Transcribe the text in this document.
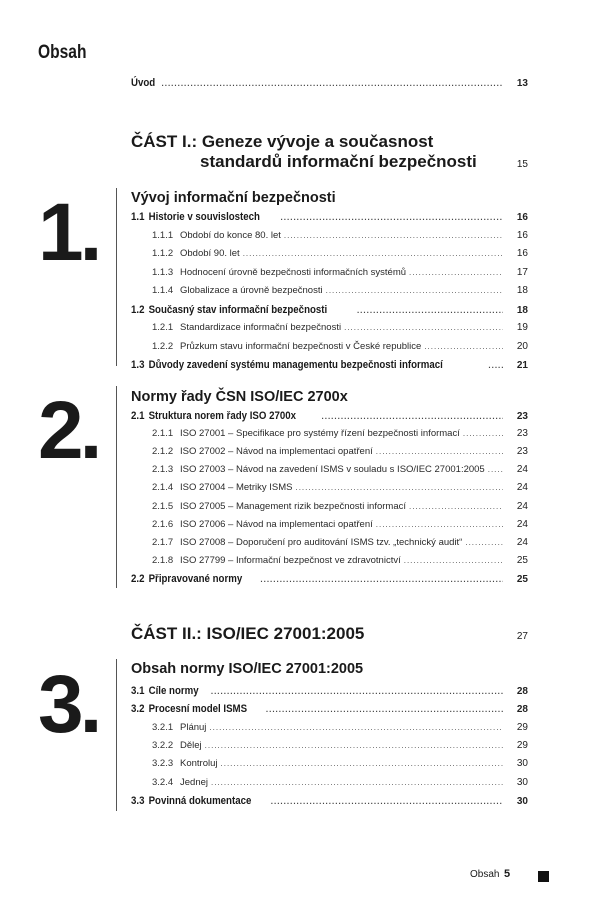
Obsah
Úvod .....	13
ČÁST I.: Geneze vývoje a současnost
standardů informační bezpečnosti	15
1. Vývoj informační bezpečnosti
1.1 Historie v souvislostech .....	16
1.1.1 Období do konce 80. let .....	16
1.1.2 Období 90. let .....	16
1.1.3 Hodnocení úrovně bezpečnosti informačních systémů .....	17
1.1.4 Globalizace a úrovně bezpečnosti .....	18
1.2 Současný stav informační bezpečnosti .....	18
1.2.1 Standardizace informační bezpečnosti .....	19
1.2.2 Průzkum stavu informační bezpečnosti v České republice .....	20
1.3 Důvody zavedení systému managementu bezpečnosti informací .....	21
2. Normy řady ČSN ISO/IEC 2700x
2.1 Struktura norem řady ISO 2700x .....	23
2.1.1 ISO 27001 – Specifikace pro systémy řízení bezpečnosti informací .....	23
2.1.2 ISO 27002 – Návod na implementaci opatření .....	23
2.1.3 ISO 27003 – Návod na zavedení ISMS v souladu s ISO/IEC 27001:2005 .....	24
2.1.4 ISO 27004 – Metriky ISMS .....	24
2.1.5 ISO 27005 – Management rizik bezpečnosti informací .....	24
2.1.6 ISO 27006 – Návod na implementaci opatření .....	24
2.1.7 ISO 27008 – Doporučení pro auditování ISMS tzv. „technický audit“ .....	24
2.1.8 ISO 27799 – Informační bezpečnost ve zdravotnictví .....	25
2.2 Připravované normy .....	25
ČÁST II.: ISO/IEC 27001:2005	27
3. Obsah normy ISO/IEC 27001:2005
3.1 Cíle normy .....	28
3.2 Procesní model ISMS .....	28
3.2.1 Plánuj .....	29
3.2.2 Dělej .....	29
3.2.3 Kontroluj .....	30
3.2.4 Jednej .....	30
3.3 Povinná dokumentace .....	30
Obsah 5
